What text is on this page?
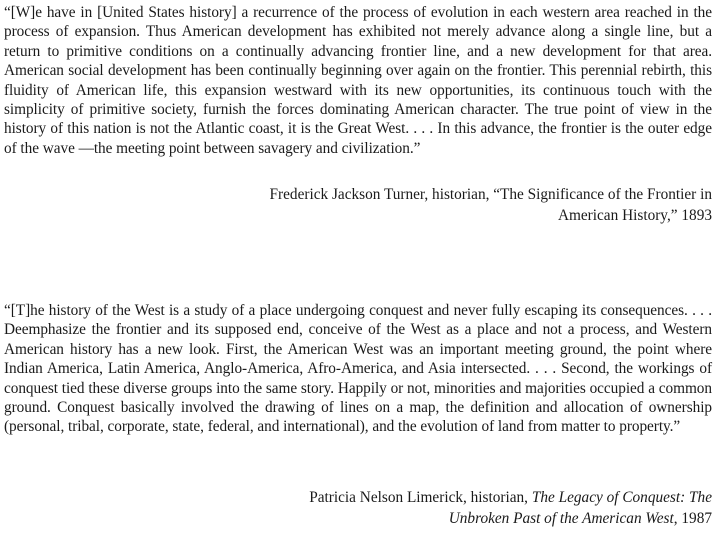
“[W]e have in [United States history] a recurrence of the process of evolution in each western area reached in the process of expansion. Thus American development has exhibited not merely advance along a single line, but a return to primitive conditions on a continually advancing frontier line, and a new development for that area. American social development has been continually beginning over again on the frontier. This perennial rebirth, this fluidity of American life, this expansion westward with its new opportunities, its continuous touch with the simplicity of primitive society, furnish the forces dominating American character. The true point of view in the history of this nation is not the Atlantic coast, it is the Great West. . . . In this advance, the frontier is the outer edge of the wave —the meeting point between savagery and civilization.”

Frederick Jackson Turner, historian, “The Significance of the Frontier in
American History,” 1893

“[T]he history of the West is a study of a place undergoing conquest and never fully escaping its consequences. . . . Deemphasize the frontier and its supposed end, conceive of the West as a place and not a process, and Western American history has a new look. First, the American West was an important meeting ground, the point where Indian America, Latin America, Anglo-America, Afro-America, and Asia intersected. . . . Second, the workings of conquest tied these diverse groups into the same story. Happily or not, minorities and majorities occupied a common ground. Conquest basically involved the drawing of lines on a map, the definition and allocation of ownership (personal, tribal, corporate, state, federal, and international), and the evolution of land from matter to property.”

Patricia Nelson Limerick, historian, The Legacy of Conquest: The
Unbroken Past of the American West, 1987
